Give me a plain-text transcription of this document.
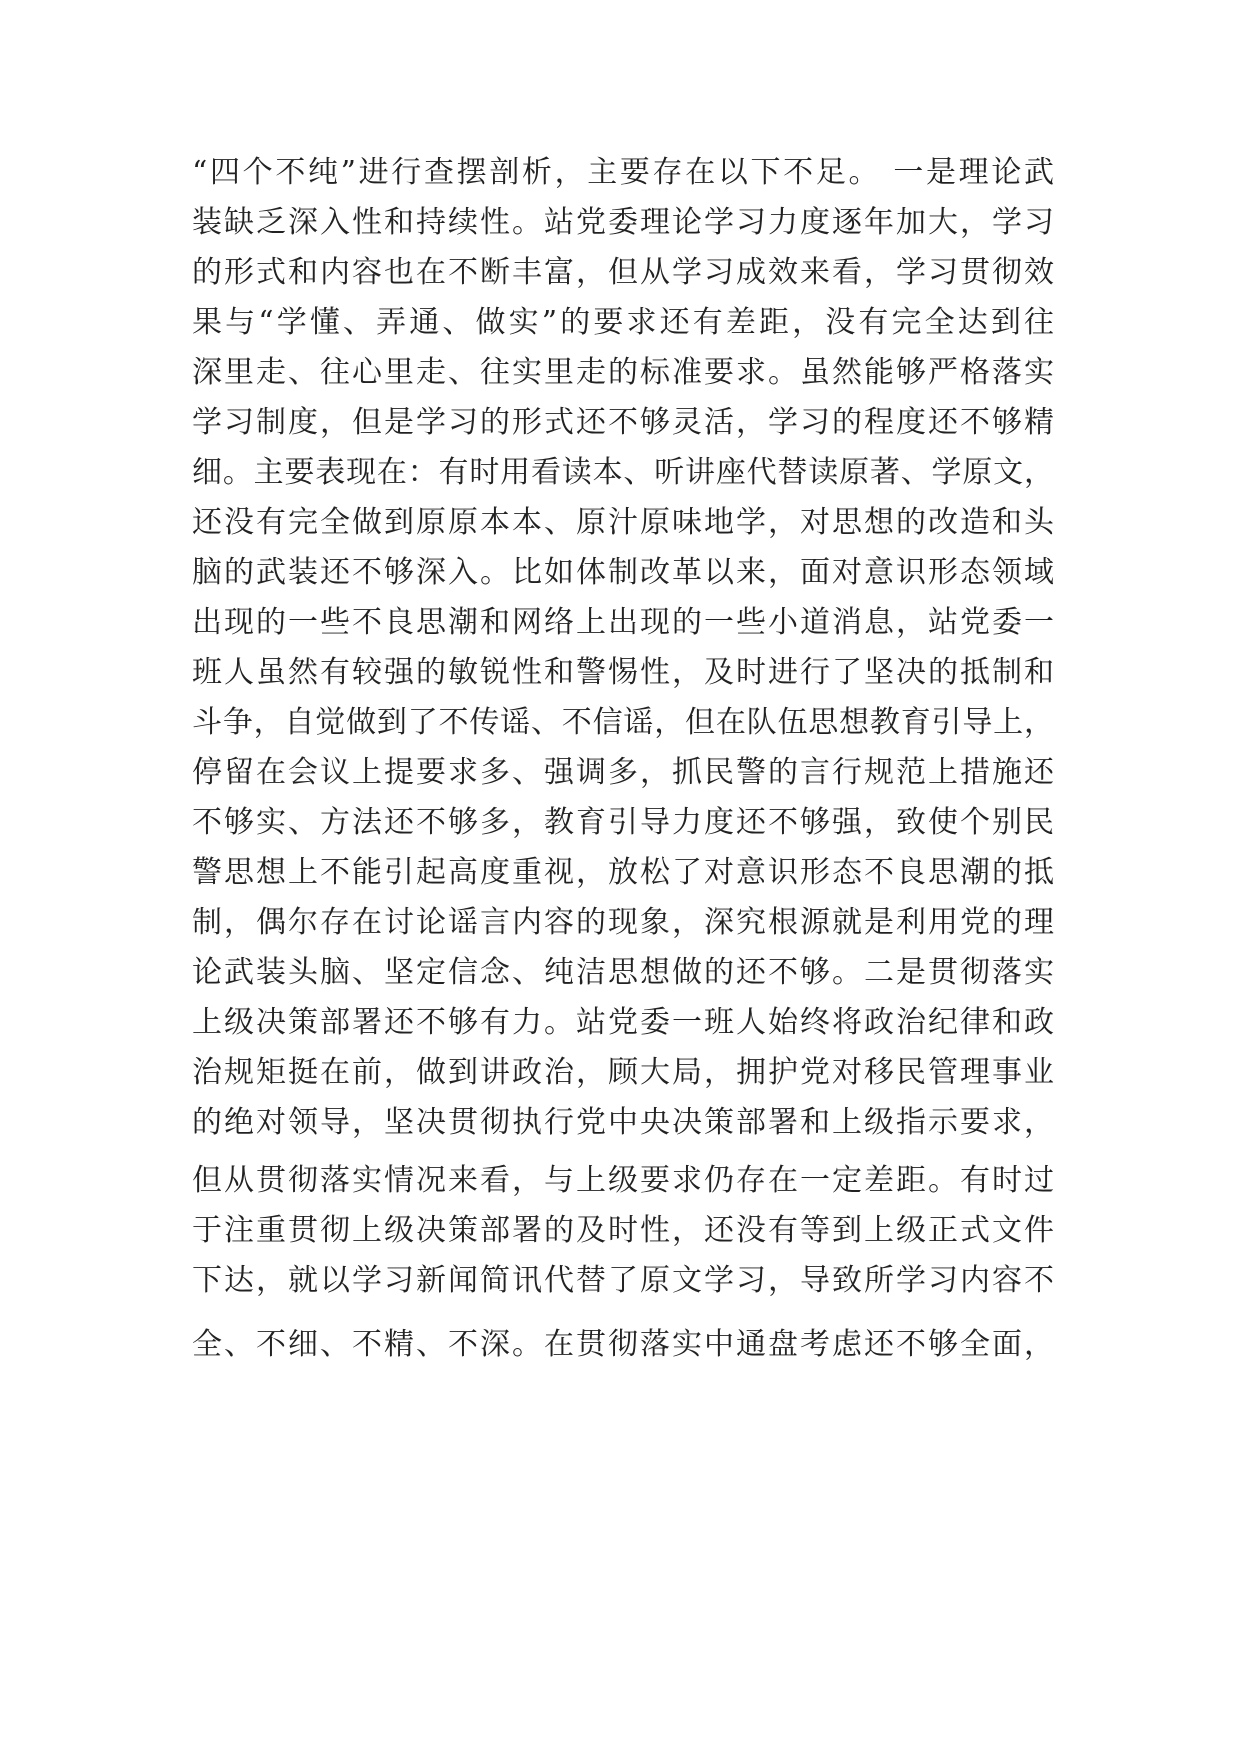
“四个不纯”进行查摆剖析，主要存在以下不足。 一是理论武
装缺乏深入性和持续性。站党委理论学习力度逐年加大，学习
的形式和内容也在不断丰富，但从学习成效来看，学习贯彻效
果与“学懂、弄通、做实”的要求还有差距，没有完全达到往
深里走、往心里走、往实里走的标准要求。虽然能够严格落实
学习制度，但是学习的形式还不够灵活，学习的程度还不够精
细。主要表现在：有时用看读本、听讲座代替读原著、学原文，
还没有完全做到原原本本、原汁原味地学，对思想的改造和头
脑的武装还不够深入。比如体制改革以来，面对意识形态领域
出现的一些不良思潮和网络上出现的一些小道消息，站党委一
班人虽然有较强的敏锐性和警惕性，及时进行了坚决的抵制和
斗争，自觉做到了不传谣、不信谣，但在队伍思想教育引导上，
停留在会议上提要求多、强调多，抓民警的言行规范上措施还
不够实、方法还不够多，教育引导力度还不够强，致使个别民
警思想上不能引起高度重视，放松了对意识形态不良思潮的抵
制，偶尔存在讨论谣言内容的现象，深究根源就是利用党的理
论武装头脑、坚定信念、纯洁思想做的还不够。二是贯彻落实
上级决策部署还不够有力。站党委一班人始终将政治纪律和政
治规矩挺在前，做到讲政治，顾大局，拥护党对移民管理事业
的绝对领导，坚决贯彻执行党中央决策部署和上级指示要求，
但从贯彻落实情况来看，与上级要求仍存在一定差距。有时过
于注重贯彻上级决策部署的及时性，还没有等到上级正式文件
下达，就以学习新闻简讯代替了原文学习，导致所学习内容不
全、不细、不精、不深。在贯彻落实中通盘考虑还不够全面，
